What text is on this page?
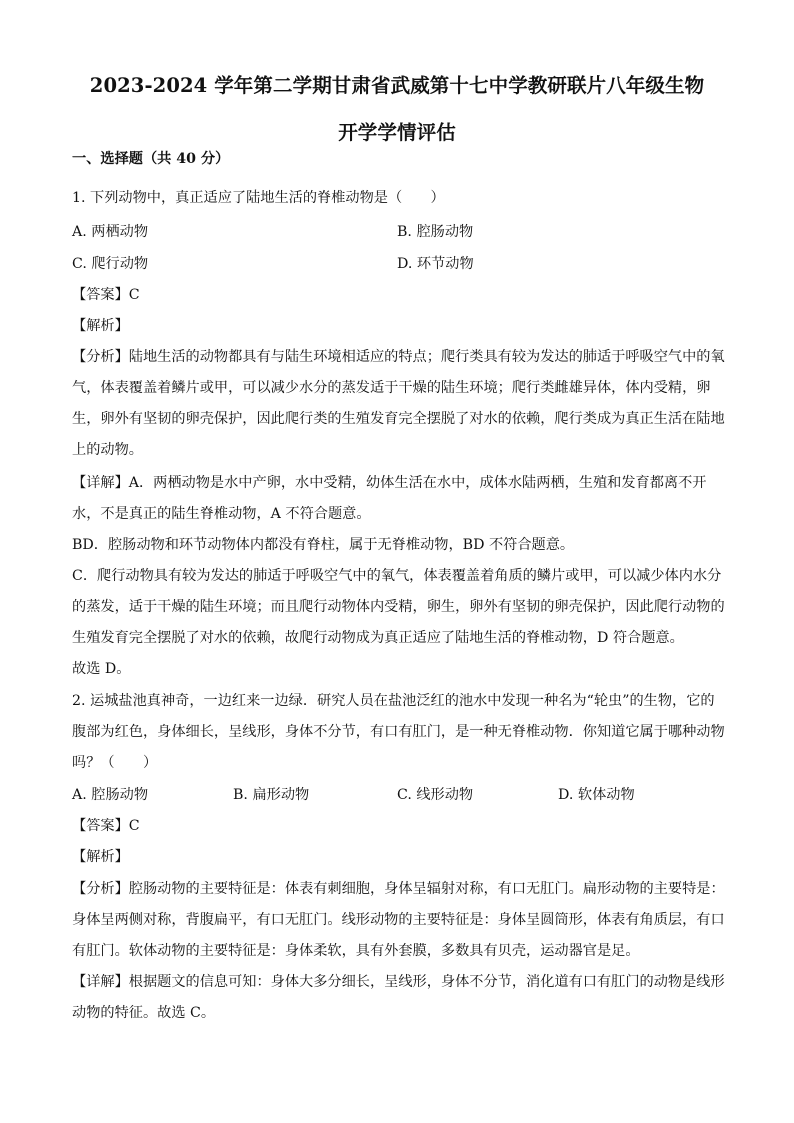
2023-2024 学年第二学期甘肃省武威第十七中学教研联片八年级生物
开学学情评估
一、选择题（共 40 分）
1. 下列动物中，真正适应了陆地生活的脊椎动物是（　　）
A. 两栖动物	B. 腔肠动物
C. 爬行动物	D. 环节动物
【答案】C
【解析】
【分析】陆地生活的动物都具有与陆生环境相适应的特点；爬行类具有较为发达的肺适于呼吸空气中的氧
气，体表覆盖着鳞片或甲，可以减少水分的蒸发适于干燥的陆生环境；爬行类雌雄异体，体内受精，卵
生，卵外有坚韧的卵壳保护，因此爬行类的生殖发育完全摆脱了对水的依赖，爬行类成为真正生活在陆地
上的动物。
【详解】A．两栖动物是水中产卵，水中受精，幼体生活在水中，成体水陆两栖，生殖和发育都离不开
水，不是真正的陆生脊椎动物，A 不符合题意。
BD．腔肠动物和环节动物体内都没有脊柱，属于无脊椎动物，BD 不符合题意。
C．爬行动物具有较为发达的肺适于呼吸空气中的氧气，体表覆盖着角质的鳞片或甲，可以减少体内水分
的蒸发，适于干燥的陆生环境；而且爬行动物体内受精，卵生，卵外有坚韧的卵壳保护，因此爬行动物的
生殖发育完全摆脱了对水的依赖，故爬行动物成为真正适应了陆地生活的脊椎动物，D 符合题意。
故选 D。
2. 运城盐池真神奇，一边红来一边绿．研究人员在盐池泛红的池水中发现一种名为“轮虫”的生物，它的
腹部为红色，身体细长，呈线形，身体不分节，有口有肛门，是一种无脊椎动物．你知道它属于哪种动物
吗？（　　）
A. 腔肠动物	B. 扁形动物	C. 线形动物	D. 软体动物
【答案】C
【解析】
【分析】腔肠动物的主要特征是：体表有刺细胞，身体呈辐射对称，有口无肛门。扁形动物的主要特是：
身体呈两侧对称，背腹扁平，有口无肛门。线形动物的主要特征是：身体呈圆筒形，体表有角质层，有口
有肛门。软体动物的主要特征是：身体柔软，具有外套膜，多数具有贝壳，运动器官是足。
【详解】根据题文的信息可知：身体大多分细长，呈线形，身体不分节，消化道有口有肛门的动物是线形
动物的特征。故选 C。
